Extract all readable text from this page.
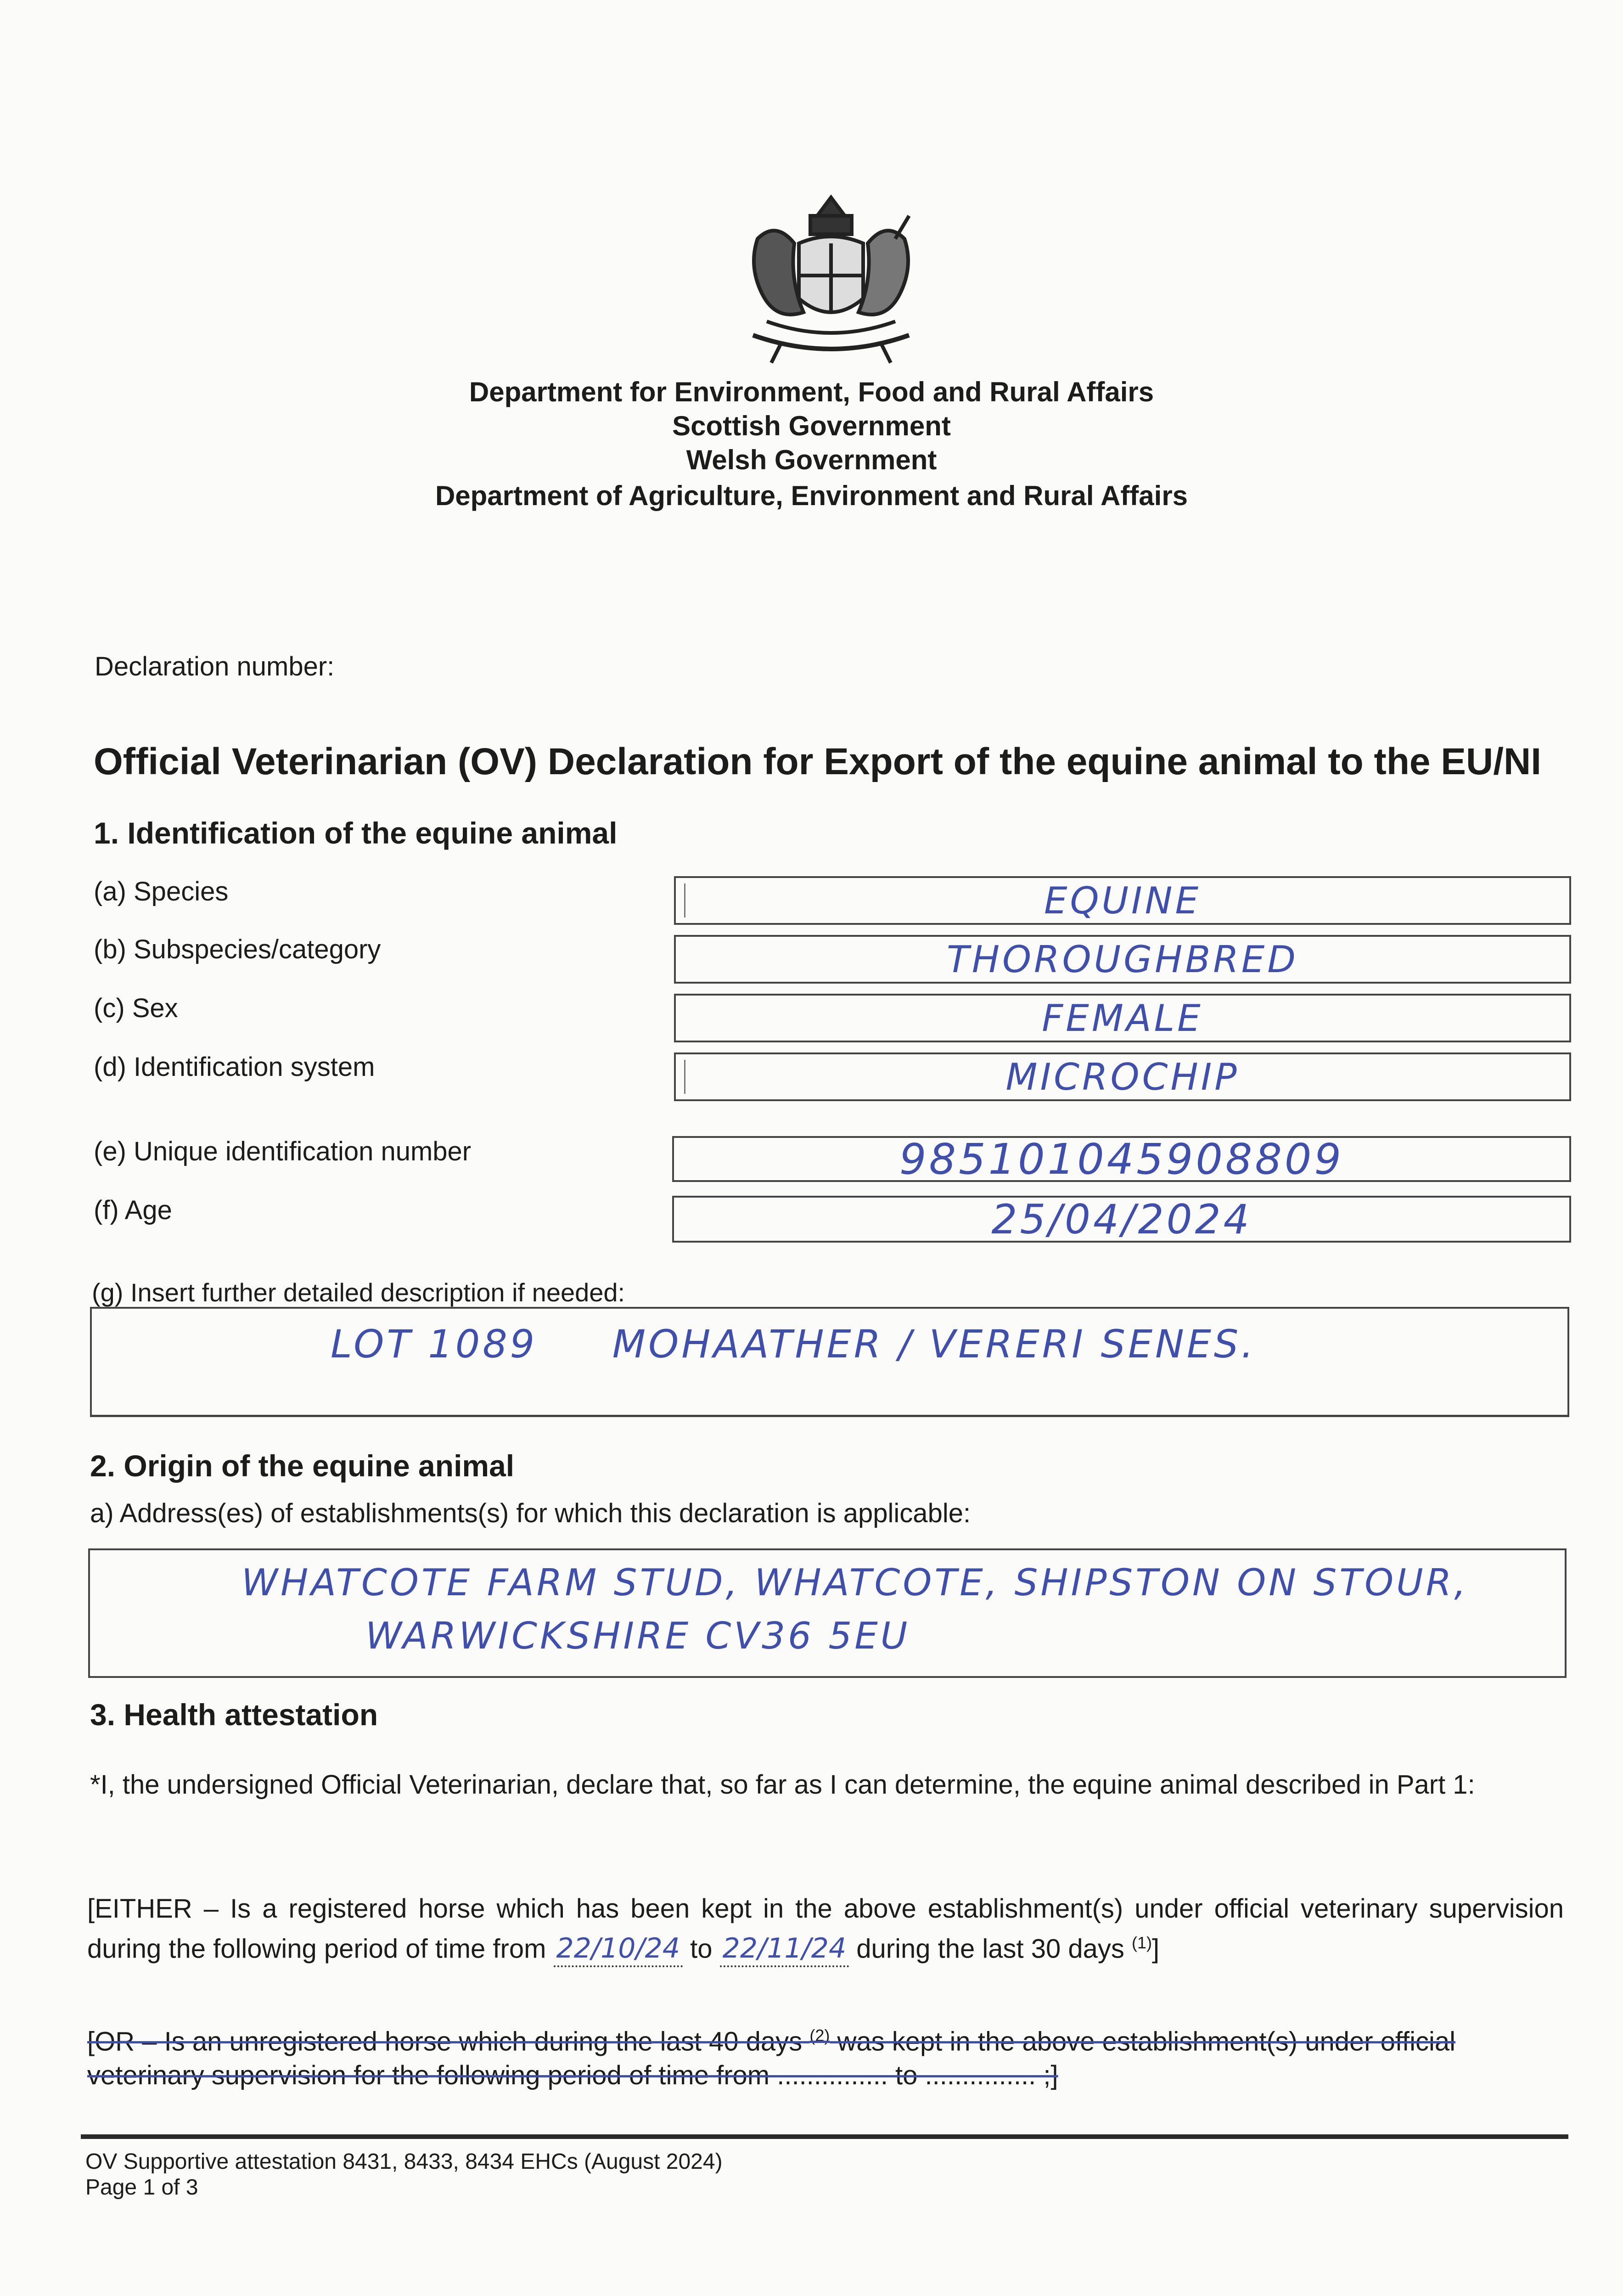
Department for Environment, Food and Rural Affairs
Scottish Government
Welsh Government
Department of Agriculture, Environment and Rural Affairs
Declaration number:
Official Veterinarian (OV) Declaration for Export of the equine animal to the EU/NI
1. Identification of the equine animal
(a) Species	EQUINE
(b) Subspecies/category	THOROUGHBRED
(c) Sex	FEMALE
(d) Identification system	MICROCHIP
(e) Unique identification number	985101045908809
(f) Age	25/04/2024
(g) Insert further detailed description if needed:
LOT 1089     MOHAATHER / VERERI SENES.
2. Origin of the equine animal
a) Address(es) of establishments(s) for which this declaration is applicable:
WHATCOTE FARM STUD, WHATCOTE, SHIPSTON ON STOUR,
WARWICKSHIRE CV36 5EU
3. Health attestation
*I, the undersigned Official Veterinarian, declare that, so far as I can determine, the equine animal described in Part 1:
[EITHER – Is a registered horse which has been kept in the above establishment(s) under official veterinary supervision during the following period of time from 22/10/24 to 22/11/24 during the last 30 days $^{(1)}$]
[OR – Is an unregistered horse which during the last 40 days $^{(2)}$ was kept in the above establishment(s) under official veterinary supervision for the following period of time from ............... to ............... ;]
OV Supportive attestation 8431, 8433, 8434 EHCs (August 2024)
Page 1 of 3
